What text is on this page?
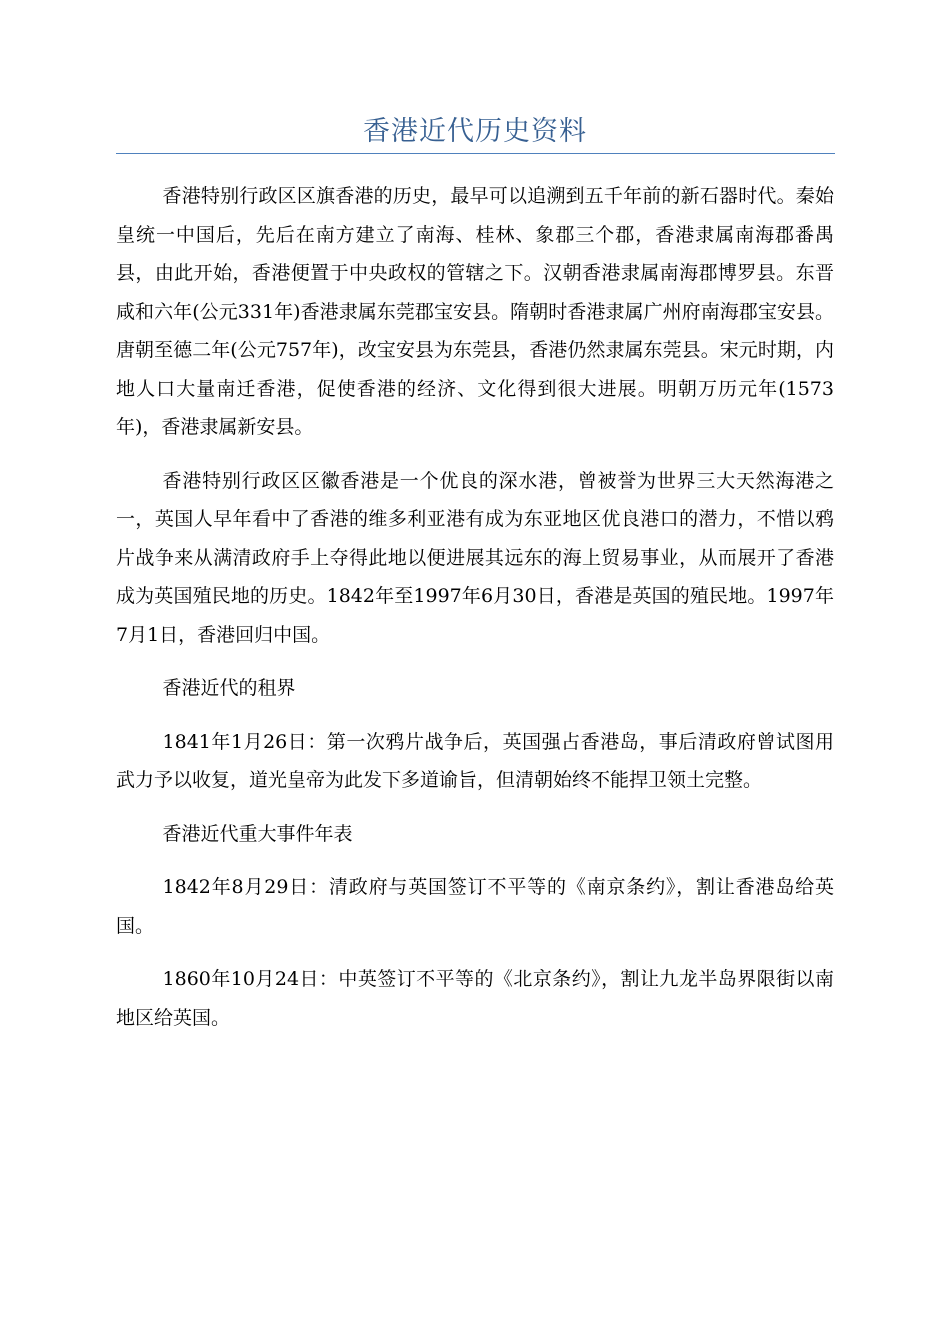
香港近代历史资料

香港特别行政区区旗香港的历史，最早可以追溯到五千年前的新石器时代。秦始皇统一中国后，先后在南方建立了南海、桂林、象郡三个郡，香港隶属南海郡番禺县，由此开始，香港便置于中央政权的管辖之下。汉朝香港隶属南海郡博罗县。东晋咸和六年(公元331年)香港隶属东莞郡宝安县。隋朝时香港隶属广州府南海郡宝安县。唐朝至德二年(公元757年)，改宝安县为东莞县，香港仍然隶属东莞县。宋元时期，内地人口大量南迁香港，促使香港的经济、文化得到很大进展。明朝万历元年(1573年)，香港隶属新安县。

香港特别行政区区徽香港是一个优良的深水港，曾被誉为世界三大天然海港之一，英国人早年看中了香港的维多利亚港有成为东亚地区优良港口的潜力，不惜以鸦片战争来从满清政府手上夺得此地以便进展其远东的海上贸易事业，从而展开了香港成为英国殖民地的历史。1842年至1997年6月30日，香港是英国的殖民地。1997年7月1日，香港回归中国。

香港近代的租界

1841年1月26日：第一次鸦片战争后，英国强占香港岛，事后清政府曾试图用武力予以收复，道光皇帝为此发下多道谕旨，但清朝始终不能捍卫领土完整。

香港近代重大事件年表

1842年8月29日：清政府与英国签订不平等的《南京条约》，割让香港岛给英国。

1860年10月24日：中英签订不平等的《北京条约》，割让九龙半岛界限街以南地区给英国。
